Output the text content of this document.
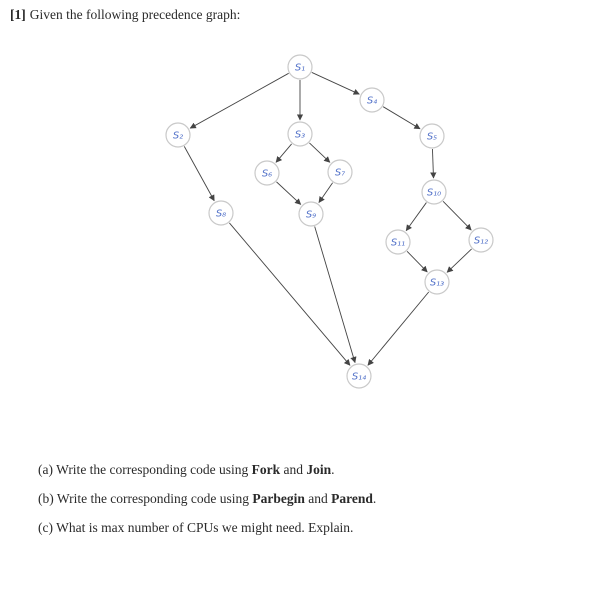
[1] Given the following precedence graph:
S₁
S₂	S₃
S₄
S₅
S₆	S₇
S₈	S₉
S₁₀
S₁₁	S₁₂
S₁₃
S₁₄
(a) Write the corresponding code using Fork and Join.
(b) Write the corresponding code using Parbegin and Parend.
(c) What is max number of CPUs we might need. Explain.
